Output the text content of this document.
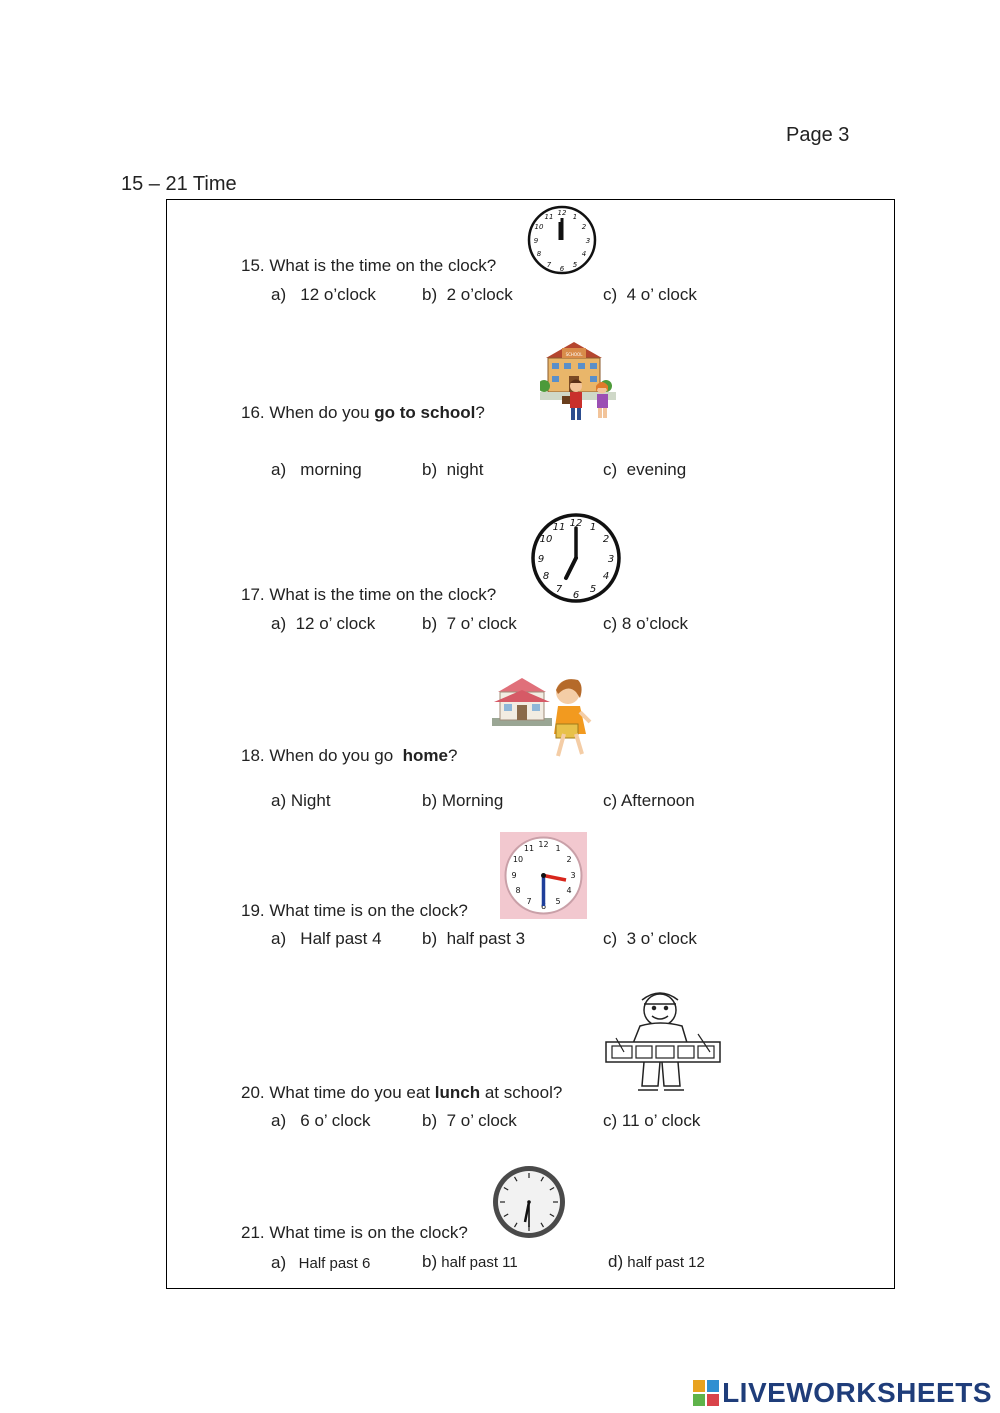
Page 3
15 – 21 Time
15. What is the time on the clock?
a) 12 o’clock	b) 2 o’clock	c) 4 o’ clock
12 1
2
3
4
5
6
7
8
9
10
11
16. When do you go to school?
a) morning	b) night	c) evening
SCHOOL
17. What is the time on the clock?
a) 12 o’ clock	b) 7 o’ clock	c) 8 o’clock
12 1
2
3
4
5
6
7
8
9
10
11
18. When do you go  home?
a) Night	b) Morning	c) Afternoon
19. What time is on the clock?
a) Half past 4 b) half past 3	c) 3 o’ clock
12 1
2
3
4
5
6
7
8
9
10
11
20. What time do you eat lunch at school?
a) 6 o’ clock	b) 7 o’ clock	c) 11 o’ clock
21. What time is on the clock?
a) Half past 6	b) half past 11	d) half past 12
LIVEWORKSHEETS
